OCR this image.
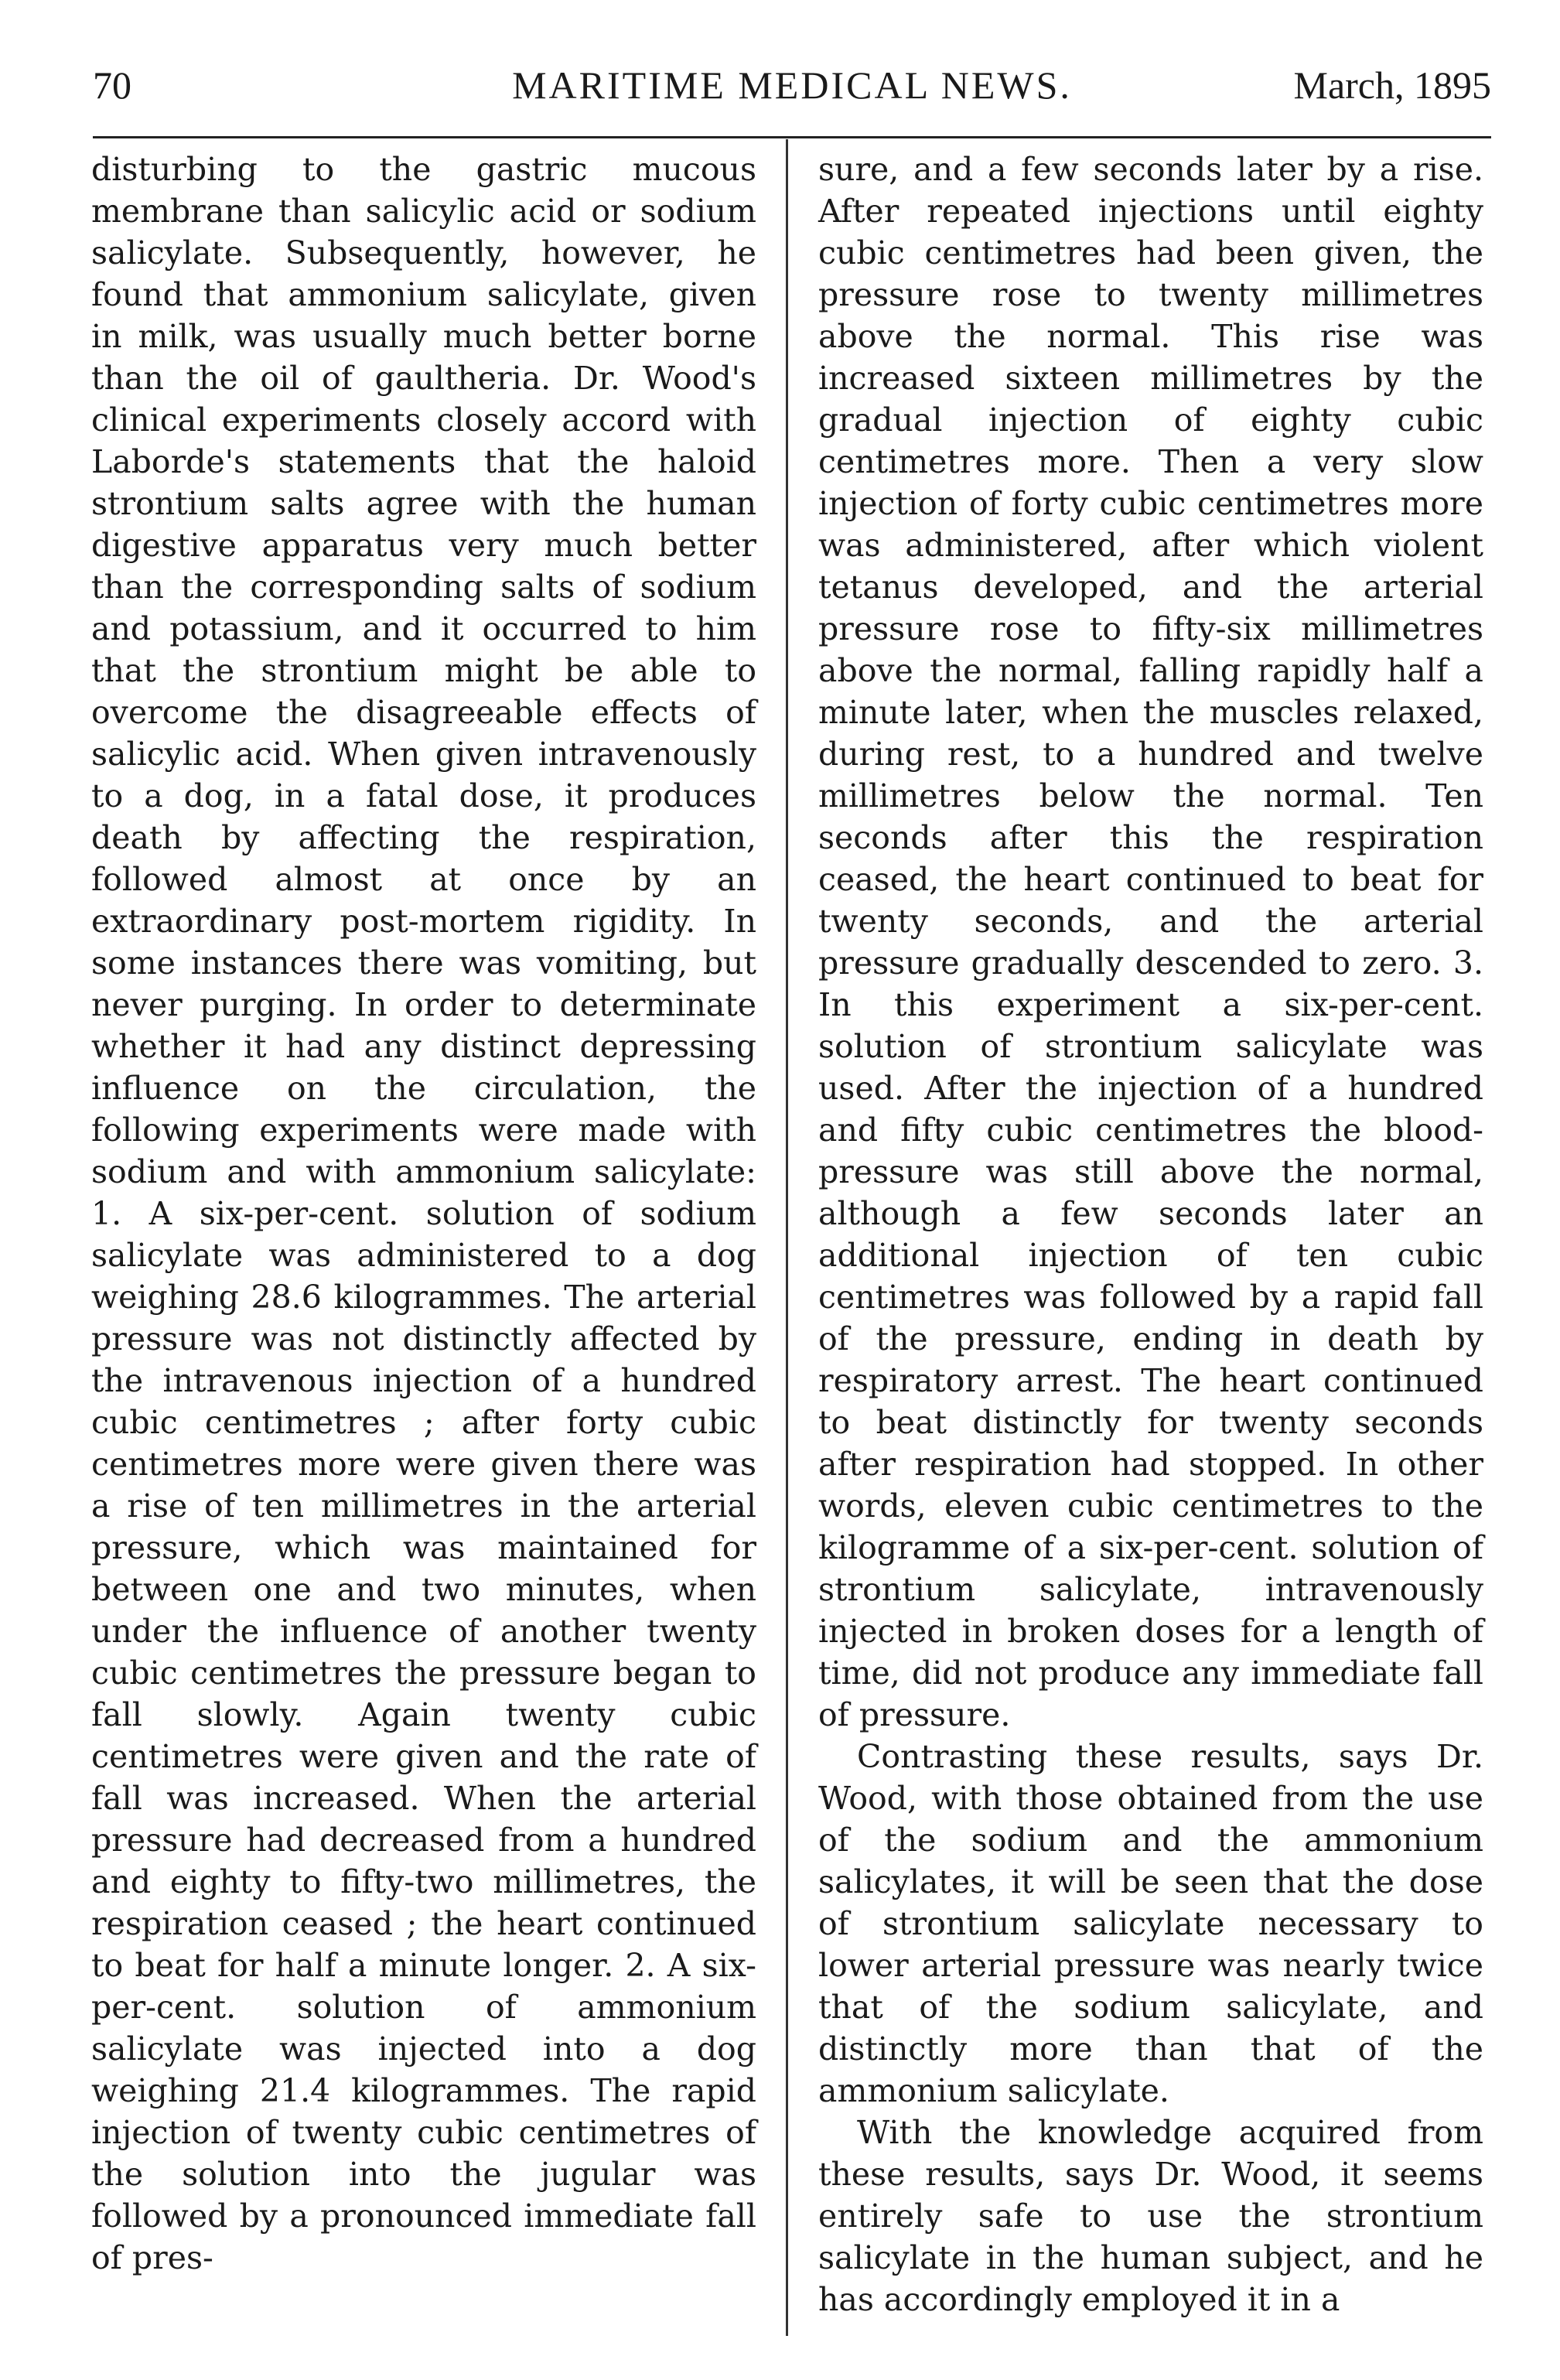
70	MARITIME MEDICAL NEWS.	March, 1895

disturbing to the gastric mucous membrane than salicylic acid or sodium salicylate. Subsequently, however, he found that ammonium salicylate, given in milk, was usually much better borne than the oil of gaultheria. Dr. Wood's clinical experiments closely accord with Laborde's statements that the haloid strontium salts agree with the human digestive apparatus very much better than the corresponding salts of sodium and potassium, and it occurred to him that the strontium might be able to overcome the disagreeable effects of salicylic acid. When given intravenously to a dog, in a fatal dose, it produces death by affecting the respiration, followed almost at once by an extraordinary post-mortem rigidity. In some instances there was vomiting, but never purging. In order to determinate whether it had any distinct depressing influence on the circulation, the following experiments were made with sodium and with ammonium salicylate: 1. A six-per-cent. solution of sodium salicylate was administered to a dog weighing 28.6 kilogrammes. The arterial pressure was not distinctly affected by the intravenous injection of a hundred cubic centimetres ; after forty cubic centimetres more were given there was a rise of ten millimetres in the arterial pressure, which was maintained for between one and two minutes, when under the influence of another twenty cubic centimetres the pressure began to fall slowly. Again twenty cubic centimetres were given and the rate of fall was increased. When the arterial pressure had decreased from a hundred and eighty to fifty-two millimetres, the respiration ceased ; the heart continued to beat for half a minute longer. 2. A six-per-cent. solution of ammonium salicylate was injected into a dog weighing 21.4 kilogrammes. The rapid injection of twenty cubic centimetres of the solution into the jugular was followed by a pronounced immediate fall of pres-

sure, and a few seconds later by a rise. After repeated injections until eighty cubic centimetres had been given, the pressure rose to twenty millimetres above the normal. This rise was increased sixteen millimetres by the gradual injection of eighty cubic centimetres more. Then a very slow injection of forty cubic centimetres more was administered, after which violent tetanus developed, and the arterial pressure rose to fifty-six millimetres above the normal, falling rapidly half a minute later, when the muscles relaxed, during rest, to a hundred and twelve millimetres below the normal. Ten seconds after this the respiration ceased, the heart continued to beat for twenty seconds, and the arterial pressure gradually descended to zero. 3. In this experiment a six-per-cent. solution of strontium salicylate was used. After the injection of a hundred and fifty cubic centimetres the blood-pressure was still above the normal, although a few seconds later an additional injection of ten cubic centimetres was followed by a rapid fall of the pressure, ending in death by respiratory arrest. The heart continued to beat distinctly for twenty seconds after respiration had stopped. In other words, eleven cubic centimetres to the kilogramme of a six-per-cent. solution of strontium salicylate, intravenously injected in broken doses for a length of time, did not produce any immediate fall of pressure.

Contrasting these results, says Dr. Wood, with those obtained from the use of the sodium and the ammonium salicylates, it will be seen that the dose of strontium salicylate necessary to lower arterial pressure was nearly twice that of the sodium salicylate, and distinctly more than that of the ammonium salicylate.

With the knowledge acquired from these results, says Dr. Wood, it seems entirely safe to use the strontium salicylate in the human subject, and he has accordingly employed it in a
